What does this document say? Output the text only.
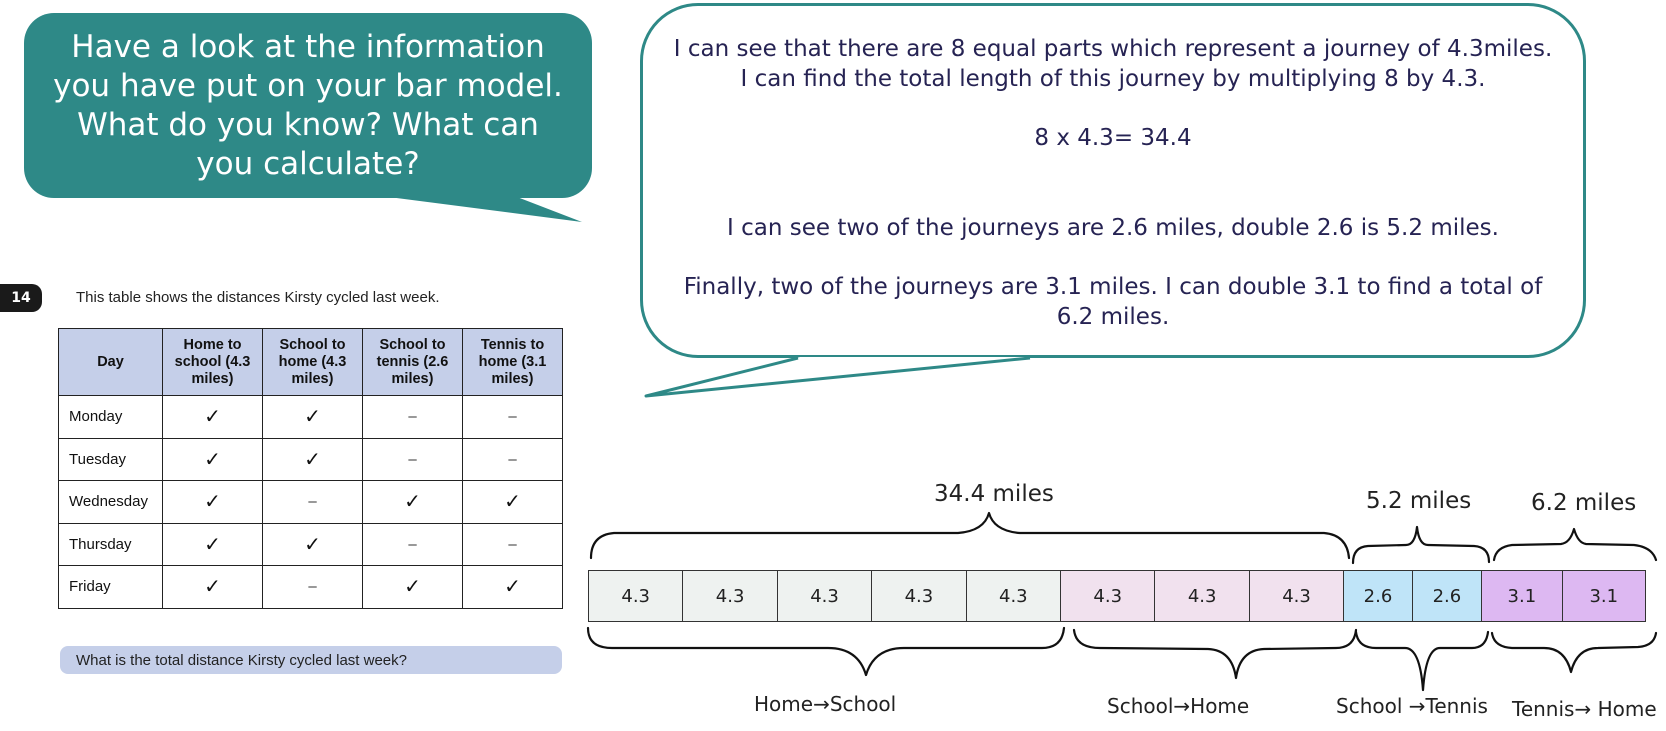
Have a look at the information you have put on your bar model. What do you know? What can you calculate?
I can see that there are 8 equal parts which represent a journey of 4.3miles. I can find the total length of this journey by multiplying 8 by 4.3.
8 x 4.3= 34.4
I can see two of the journeys are 2.6 miles, double 2.6 is 5.2 miles.
Finally, two of the journeys are 3.1 miles. I can double 3.1 to find a total of 6.2 miles.
14	This table shows the distances Kirsty cycled last week.
Day	Home to school (4.3 miles)	School to home (4.3 miles)	School to tennis (2.6 miles)	Tennis to home (3.1 miles)

Monday	✓	✓	–	–
Tuesday	✓	✓	–	–
Wednesday	✓	–	✓	✓
Thursday	✓	✓	–	–
Friday	✓	–	✓	✓
What is the total distance Kirsty cycled last week?
4.3	4.3	4.3	4.3	4.3	4.3	4.3	4.3	2.6	2.6	3.1	3.1
34.4 miles	5.2 miles	6.2 miles
Home→School	School→Home	School →Tennis Tennis→ Home
